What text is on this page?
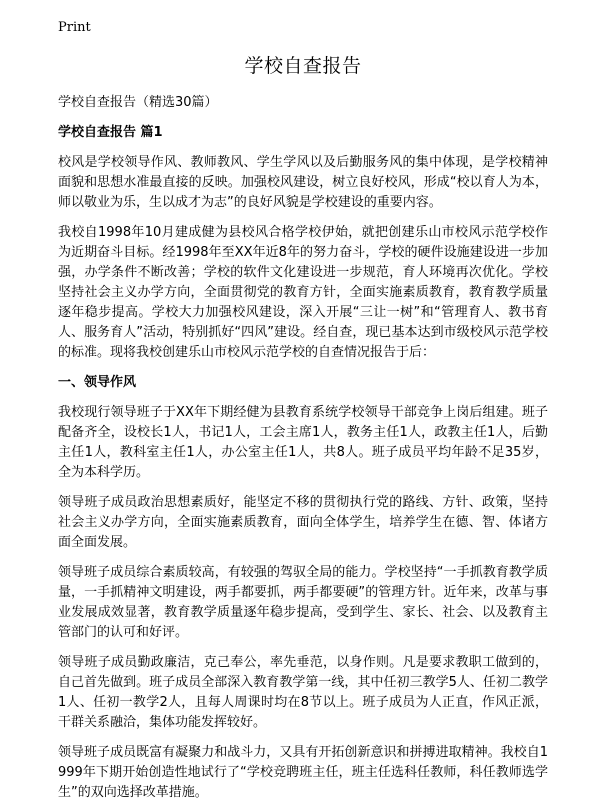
Print
学校自查报告
学校自查报告（精选30篇）
学校自查报告 篇1
校风是学校领导作风、教师教风、学生学风以及后勤服务风的集中体现，是学校精神面貌和思想水准最直接的反映。加强校风建设，树立良好校风，形成“校以育人为本，师以敬业为乐，生以成才为志”的良好风貌是学校建设的重要内容。
我校自1998年10月建成健为县校风合格学校伊始，就把创建乐山市校风示范学校作为近期奋斗目标。经1998年至XX年近8年的努力奋斗，学校的硬件设施建设进一步加强，办学条件不断改善；学校的软件文化建设进一步规范，育人环境再次优化。学校坚持社会主义办学方向，全面贯彻党的教育方针，全面实施素质教育，教育教学质量逐年稳步提高。学校大力加强校风建设，深入开展“三让一树”和“管理育人、教书育人、服务育人”活动，特别抓好“四风”建设。经自查，现已基本达到市级校风示范学校的标准。现将我校创建乐山市校风示范学校的自查情况报告于后：
一、领导作风
我校现行领导班子于XX年下期经健为县教育系统学校领导干部竞争上岗后组建。班子配备齐全，设校长1人，书记1人，工会主席1人，教务主任1人，政教主任1人，后勤主任1人，教科室主任1人，办公室主任1人，共8人。班子成员平均年龄不足35岁，全为本科学历。
领导班子成员政治思想素质好，能坚定不移的贯彻执行党的路线、方针、政策，坚持社会主义办学方向，全面实施素质教育，面向全体学生，培养学生在德、智、体诸方面全面发展。
领导班子成员综合素质较高，有较强的驾驭全局的能力。学校坚持“一手抓教育教学质量，一手抓精神文明建设，两手都要抓，两手都要硬”的管理方针。近年来，改革与事业发展成效显著，教育教学质量逐年稳步提高，受到学生、家长、社会、以及教育主管部门的认可和好评。
领导班子成员勤政廉洁，克己奉公，率先垂范，以身作则。凡是要求教职工做到的，自己首先做到。班子成员全部深入教育教学第一线，其中任初三教学5人、任初二教学1人、任初一教学2人，且每人周课时均在8节以上。班子成员为人正直，作风正派，干群关系融洽，集体功能发挥较好。
领导班子成员既富有凝聚力和战斗力，又具有开拓创新意识和拼搏进取精神。我校自1999年下期开始创造性地试行了“学校竞聘班主任，班主任选科任教师，科任教师选学生”的双向选择改革措施。
